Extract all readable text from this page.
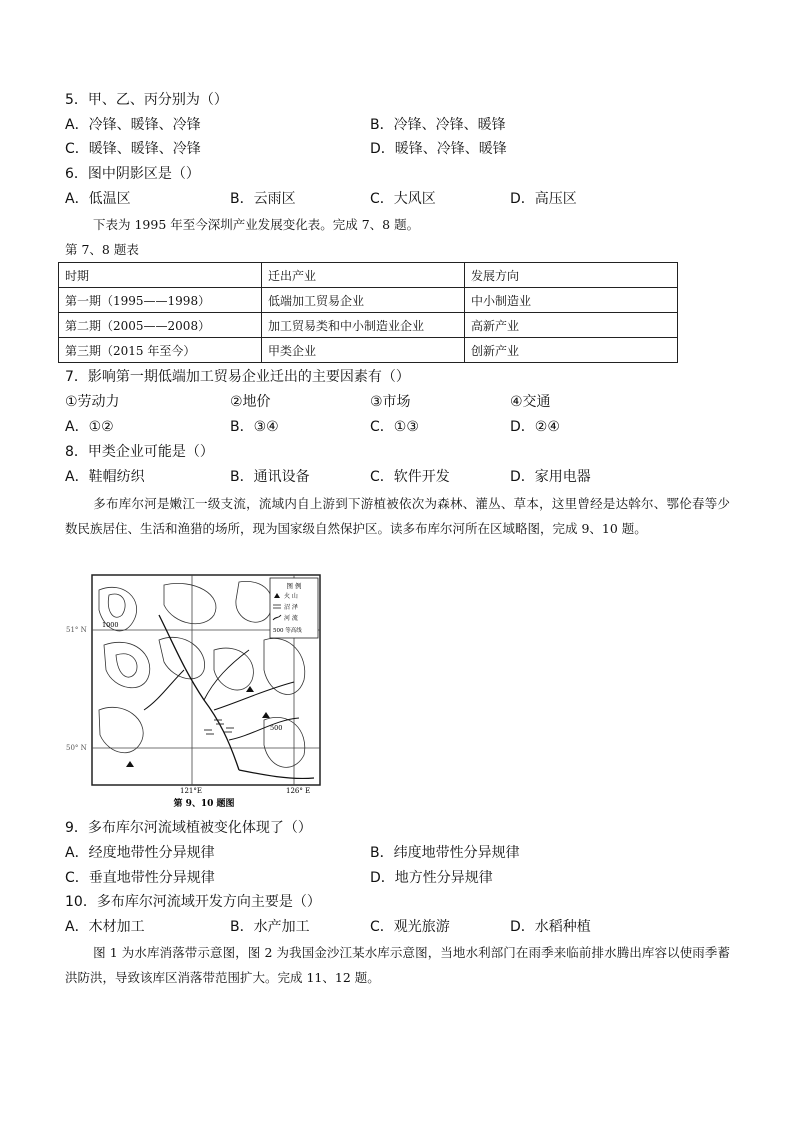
5．甲、乙、丙分别为（）
A．冷锋、暖锋、冷锋	B．冷锋、冷锋、暖锋
C．暖锋、暖锋、冷锋	D．暖锋、冷锋、暖锋
6．图中阴影区是（）
A．低温区	B．云雨区	C．大风区	D．高压区
下表为 1995 年至今深圳产业发展变化表。完成 7、8 题。
第 7、8 题表
时期	迁出产业	发展方向
第一期（1995——1998）	低端加工贸易企业	中小制造业
第二期（2005——2008）	加工贸易类和中小制造业企业	高新产业
第三期（2015 年至今）	甲类企业	创新产业
7．影响第一期低端加工贸易企业迁出的主要因素有（）
①劳动力	②地价	③市场	④交通
A．①②	B．③④	C．①③	D．②④
8．甲类企业可能是（）
A．鞋帽纺织	B．通讯设备	C．软件开发	D．家用电器
多布库尔河是嫩江一级支流，流域内自上游到下游植被依次为森林、灌丛、草本，这里曾经是达斡尔、鄂伦春等少数民族居住、生活和渔猎的场所，现为国家级自然保护区。读多布库尔河所在区域略图，完成 9、10 题。
图 例
火 山
沼 泽
河 流
500 等高线
1000
500
51° N
50° N
121°E	126° E
第 9、10 题图
9．多布库尔河流域植被变化体现了（）
A．经度地带性分异规律	B．纬度地带性分异规律
C．垂直地带性分异规律	D．地方性分异规律
10．多布库尔河流域开发方向主要是（）
A．木材加工	B．水产加工	C．观光旅游	D．水稻种植
图 1 为水库消落带示意图，图 2 为我国金沙江某水库示意图，当地水利部门在雨季来临前排水腾出库容以使雨季蓄洪防洪，导致该库区消落带范围扩大。完成 11、12 题。
